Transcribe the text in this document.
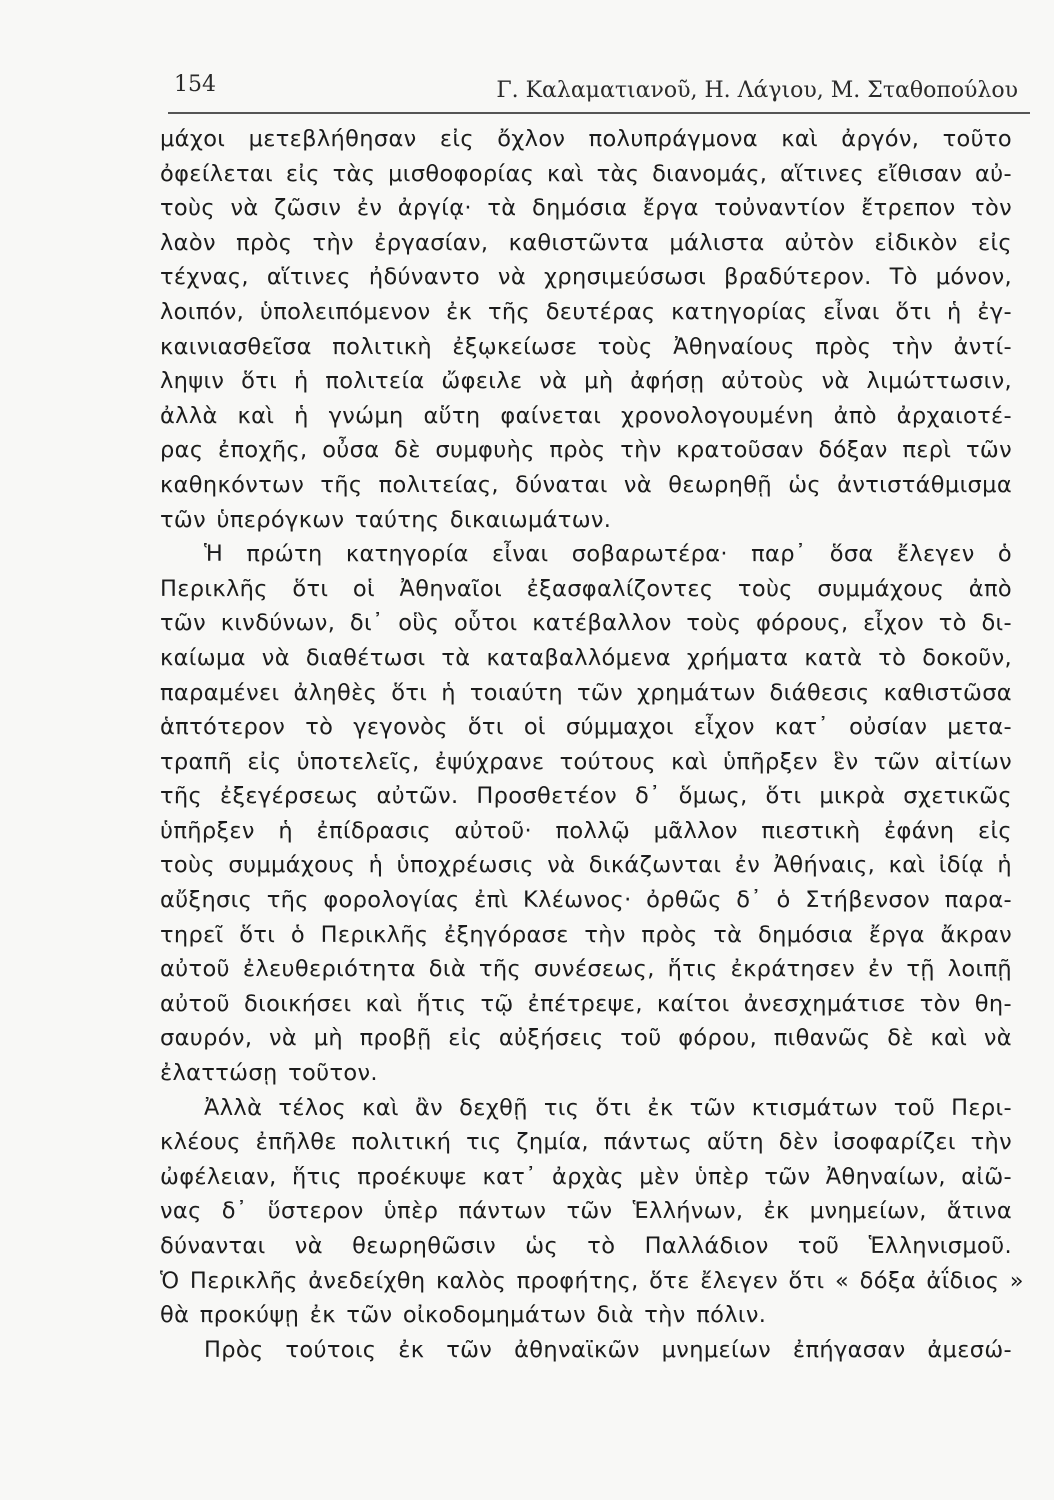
154	Γ. Καλαματιανοῦ, Η. Λάγιου, Μ. Σταθοπούλου
μάχοι μετεβλήθησαν εἰς ὄχλον πολυπράγμονα καὶ ἀργόν, τοῦτο
ὀφείλεται εἰς τὰς μισθοφορίας καὶ τὰς διανομάς, αἵτινες εἴθισαν αὐ-
τοὺς νὰ ζῶσιν ἐν ἀργίᾳ· τὰ δημόσια ἔργα τοὐναντίον ἔτρεπον τὸν
λαὸν πρὸς τὴν ἐργασίαν, καθιστῶντα μάλιστα αὐτὸν εἰδικὸν εἰς
τέχνας, αἵτινες ἠδύναντο νὰ χρησιμεύσωσι βραδύτερον. Τὸ μόνον,
λοιπόν, ὑπολειπόμενον ἐκ τῆς δευτέρας κατηγορίας εἶναι ὅτι ἡ ἐγ-
καινιασθεῖσα πολιτικὴ ἐξῳκείωσε τοὺς Ἀθηναίους πρὸς τὴν ἀντί-
ληψιν ὅτι ἡ πολιτεία ὤφειλε νὰ μὴ ἀφήσῃ αὐτοὺς νὰ λιμώττωσιν,
ἀλλὰ καὶ ἡ γνώμη αὕτη φαίνεται χρονολογουμένη ἀπὸ ἀρχαιοτέ-
ρας ἐποχῆς, οὖσα δὲ συμφυὴς πρὸς τὴν κρατοῦσαν δόξαν περὶ τῶν
καθηκόντων τῆς πολιτείας, δύναται νὰ θεωρηθῇ ὡς ἀντιστάθμισμα
τῶν ὑπερόγκων ταύτης δικαιωμάτων.
Ἡ πρώτη κατηγορία εἶναι σοβαρωτέρα· παρ᾽ ὅσα ἔλεγεν ὁ
Περικλῆς ὅτι οἱ Ἀθηναῖοι ἐξασφαλίζοντες τοὺς συμμάχους ἀπὸ
τῶν κινδύνων, δι᾽ οὓς οὗτοι κατέβαλλον τοὺς φόρους, εἶχον τὸ δι-
καίωμα νὰ διαθέτωσι τὰ καταβαλλόμενα χρήματα κατὰ τὸ δοκοῦν,
παραμένει ἀληθὲς ὅτι ἡ τοιαύτη τῶν χρημάτων διάθεσις καθιστῶσα
ἁπτότερον τὸ γεγονὸς ὅτι οἱ σύμμαχοι εἶχον κατ᾽ οὐσίαν μετα-
τραπῆ εἰς ὑποτελεῖς, ἐψύχρανε τούτους καὶ ὑπῆρξεν ἓν τῶν αἰτίων
τῆς ἐξεγέρσεως αὐτῶν. Προσθετέον δ᾽ ὅμως, ὅτι μικρὰ σχετικῶς
ὑπῆρξεν ἡ ἐπίδρασις αὐτοῦ· πολλῷ μᾶλλον πιεστικὴ ἐφάνη εἰς
τοὺς συμμάχους ἡ ὑποχρέωσις νὰ δικάζωνται ἐν Ἀθήναις, καὶ ἰδίᾳ ἡ
αὔξησις τῆς φορολογίας ἐπὶ Κλέωνος· ὀρθῶς δ᾽ ὁ Στήβενσον παρα-
τηρεῖ ὅτι ὁ Περικλῆς ἐξηγόρασε τὴν πρὸς τὰ δημόσια ἔργα ἄκραν
αὐτοῦ ἐλευθεριότητα διὰ τῆς συνέσεως, ἥτις ἐκράτησεν ἐν τῇ λοιπῇ
αὐτοῦ διοικήσει καὶ ἥτις τῷ ἐπέτρεψε, καίτοι ἀνεσχημάτισε τὸν θη-
σαυρόν, νὰ μὴ προβῇ εἰς αὐξήσεις τοῦ φόρου, πιθανῶς δὲ καὶ νὰ
ἐλαττώσῃ τοῦτον.
Ἀλλὰ τέλος καὶ ἂν δεχθῇ τις ὅτι ἐκ τῶν κτισμάτων τοῦ Περι-
κλέους ἐπῆλθε πολιτική τις ζημία, πάντως αὕτη δὲν ἰσοφαρίζει τὴν
ὠφέλειαν, ἥτις προέκυψε κατ᾽ ἀρχὰς μὲν ὑπὲρ τῶν Ἀθηναίων, αἰῶ-
νας δ᾽ ὕστερον ὑπὲρ πάντων τῶν Ἑλλήνων, ἐκ μνημείων, ἅτινα
δύνανται νὰ θεωρηθῶσιν ὡς τὸ Παλλάδιον τοῦ Ἑλληνισμοῦ.
Ὁ Περικλῆς ἀνεδείχθη καλὸς προφήτης, ὅτε ἔλεγεν ὅτι « δόξα ἀΐδιος »
θὰ προκύψῃ ἐκ τῶν οἰκοδομημάτων διὰ τὴν πόλιν.
Πρὸς τούτοις ἐκ τῶν ἀθηναϊκῶν μνημείων ἐπήγασαν ἀμεσώ-
